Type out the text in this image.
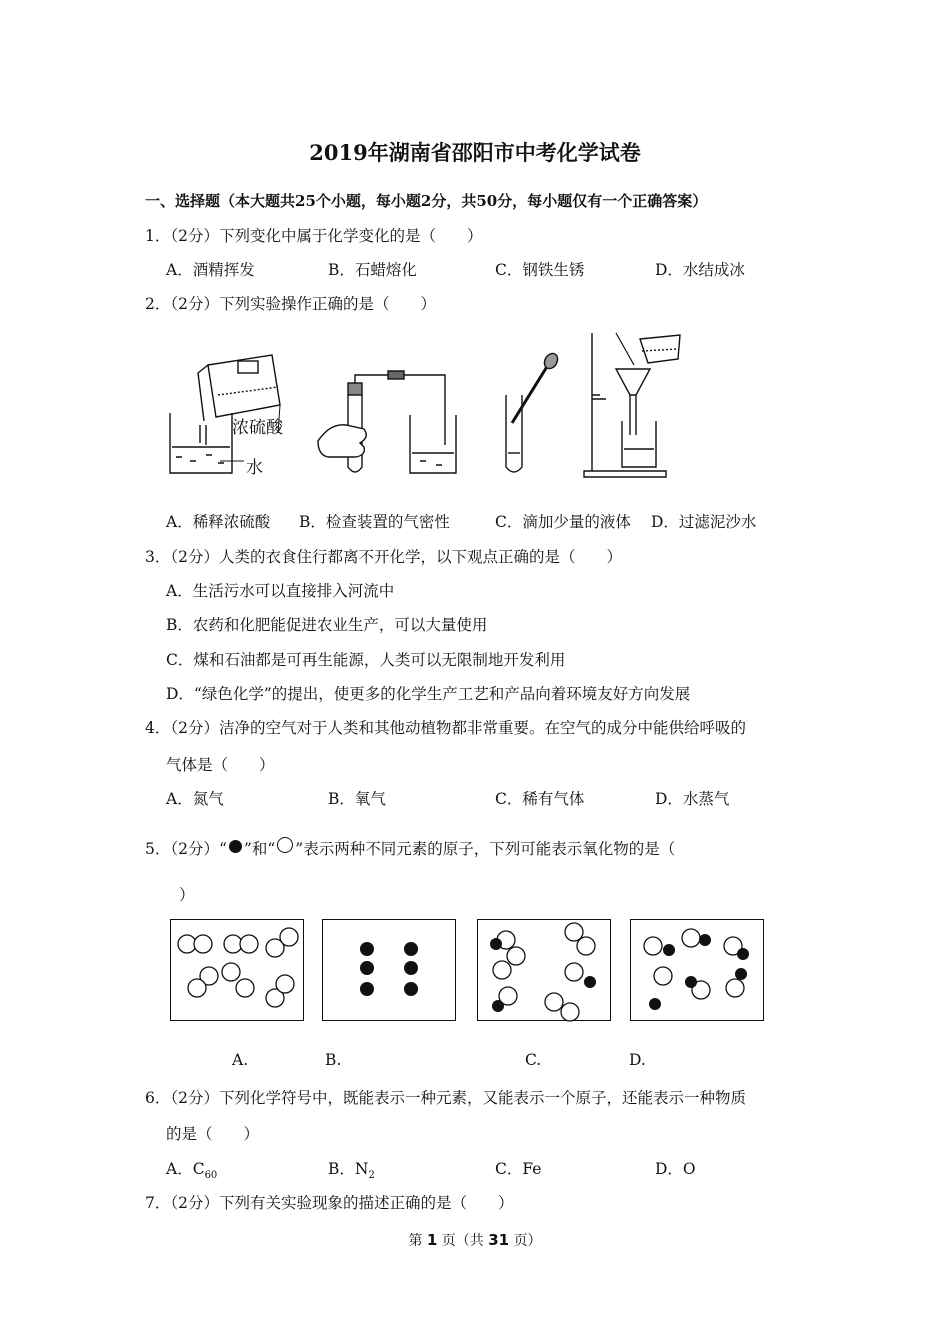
2019年湖南省邵阳市中考化学试卷
一、选择题（本大题共25个小题，每小题2分，共50分，每小题仅有一个正确答案）
1．（2分）下列变化中属于化学变化的是（　　）
A．酒精挥发	B．石蜡熔化	C．钢铁生锈	D．水结成冰
2．（2分）下列实验操作正确的是（　　）
浓硫酸
水
A．稀释浓硫酸 B．检查装置的气密性	C．滴加少量的液体 D．过滤泥沙水
3．（2分）人类的衣食住行都离不开化学，以下观点正确的是（　　）
A．生活污水可以直接排入河流中
B．农药和化肥能促进农业生产，可以大量使用
C．煤和石油都是可再生能源，人类可以无限制地开发利用
D．“绿色化学”的提出，使更多的化学生产工艺和产品向着环境友好方向发展
4．（2分）洁净的空气对于人类和其他动植物都非常重要。在空气的成分中能供给呼吸的
气体是（　　）
A．氮气	B．氧气	C．稀有气体	D．水蒸气
5．（2分）“ ”和“ ”表示两种不同元素的原子，下列可能表示氧化物的是（
）
A.	B.	C.	D.
6．（2分）下列化学符号中，既能表示一种元素，又能表示一个原子，还能表示一种物质
的是（　　）
A．$C_{60}$	B．$N_2$	C．Fe	D．O
7．（2分）下列有关实验现象的描述正确的是（　　）
第 1 页（共 31 页）
